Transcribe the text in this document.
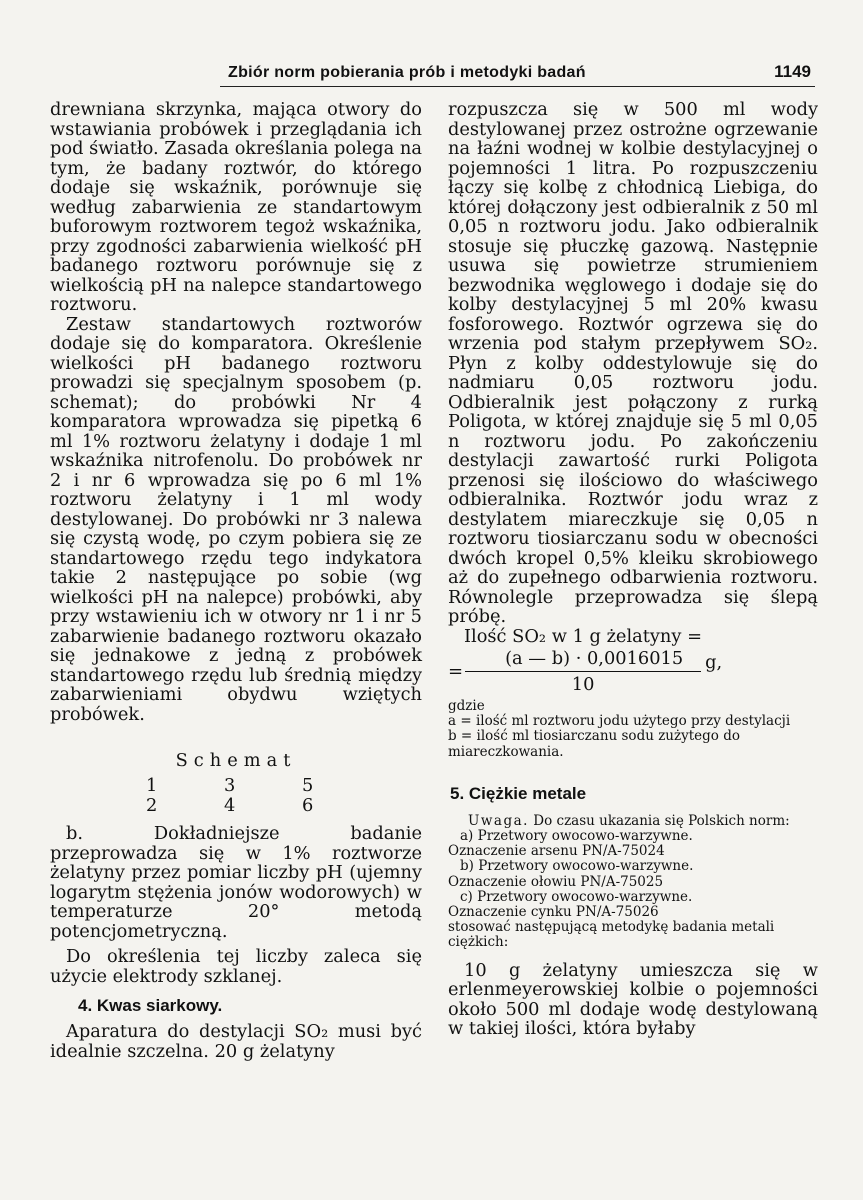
Zbiór norm pobierania prób i metodyki badań	1149

drewniana skrzynka, mająca otwory do wstawiania probówek i przeglądania ich pod światło. Zasada określania polega na tym, że badany roztwór, do którego dodaje się wskaźnik, porównuje się według zabarwienia ze standartowym buforowym roztworem tegoż wskaźnika, przy zgodności zabarwienia wielkość pH badanego roztworu porównuje się z wielkością pH na nalepce standartowego roztworu.

Zestaw standartowych roztworów dodaje się do komparatora. Określenie wielkości pH badanego roztworu prowadzi się specjalnym sposobem (p. schemat); do probówki Nr 4 komparatora wprowadza się pipetką 6 ml 1% roztworu żelatyny i dodaje 1 ml wskaźnika nitrofenolu. Do probówek nr 2 i nr 6 wprowadza się po 6 ml 1% roztworu żelatyny i 1 ml wody destylowanej. Do probówki nr 3 nalewa się czystą wodę, po czym pobiera się ze standartowego rzędu tego indykatora takie 2 następujące po sobie (wg wielkości pH na nalepce) probówki, aby przy wstawieniu ich w otwory nr 1 i nr 5 zabarwienie badanego roztworu okazało się jednakowe z jedną z probówek standartowego rzędu lub średnią między zabarwieniami obydwu wziętych probówek.

Schemat
1	3	5
2	4	6

b. Dokładniejsze badanie przeprowadza się w 1% roztworze żelatyny przez pomiar liczby pH (ujemny logarytm stężenia jonów wodorowych) w temperaturze 20° metodą potencjometryczną.

Do określenia tej liczby zaleca się użycie elektrody szklanej.

4. Kwas siarkowy.

Aparatura do destylacji SO₂ musi być idealnie szczelna. 20 g żelatyny

rozpuszcza się w 500 ml wody destylowanej przez ostrożne ogrzewanie na łaźni wodnej w kolbie destylacyjnej o pojemności 1 litra. Po rozpuszczeniu łączy się kolbę z chłodnicą Liebiga, do której dołączony jest odbieralnik z 50 ml 0,05 n roztworu jodu. Jako odbieralnik stosuje się płuczkę gazową. Następnie usuwa się powietrze strumieniem bezwodnika węglowego i dodaje się do kolby destylacyjnej 5 ml 20% kwasu fosforowego. Roztwór ogrzewa się do wrzenia pod stałym przepływem SO₂. Płyn z kolby oddestylowuje się do nadmiaru 0,05 roztworu jodu. Odbieralnik jest połączony z rurką Poligota, w której znajduje się 5 ml 0,05 n roztworu jodu. Po zakończeniu destylacji zawartość rurki Poligota przenosi się ilościowo do właściwego odbieralnika. Roztwór jodu wraz z destylatem miareczkuje się 0,05 n roztworu tiosiarczanu sodu w obecności dwóch kropel 0,5% kleiku skrobiowego aż do zupełnego odbarwienia roztworu. Równolegle przeprowadza się ślepą próbę.

Ilość SO₂ w 1 g żelatyny =
= $\frac{(a — b) \cdot 0,0016015}{10} g$,
gdzie
a = ilość ml roztworu jodu użytego przy destylacji
b = ilość ml tiosiarczanu sodu zużytego do miareczkowania.
5. Ciężkie metale
Uwaga. Do czasu ukazania się Polskich norm:
a) Przetwory owocowo-warzywne.
Oznaczenie arsenu PN/A-75024
b) Przetwory owocowo-warzywne.
Oznaczenie ołowiu PN/A-75025
c) Przetwory owocowo-warzywne.
Oznaczenie cynku PN/A-75026
stosować następującą metodykę badania metali ciężkich:

10 g żelatyny umieszcza się w erlenmeyerowskiej kolbie o pojemności około 500 ml dodaje wodę destylowaną w takiej ilości, która byłaby
